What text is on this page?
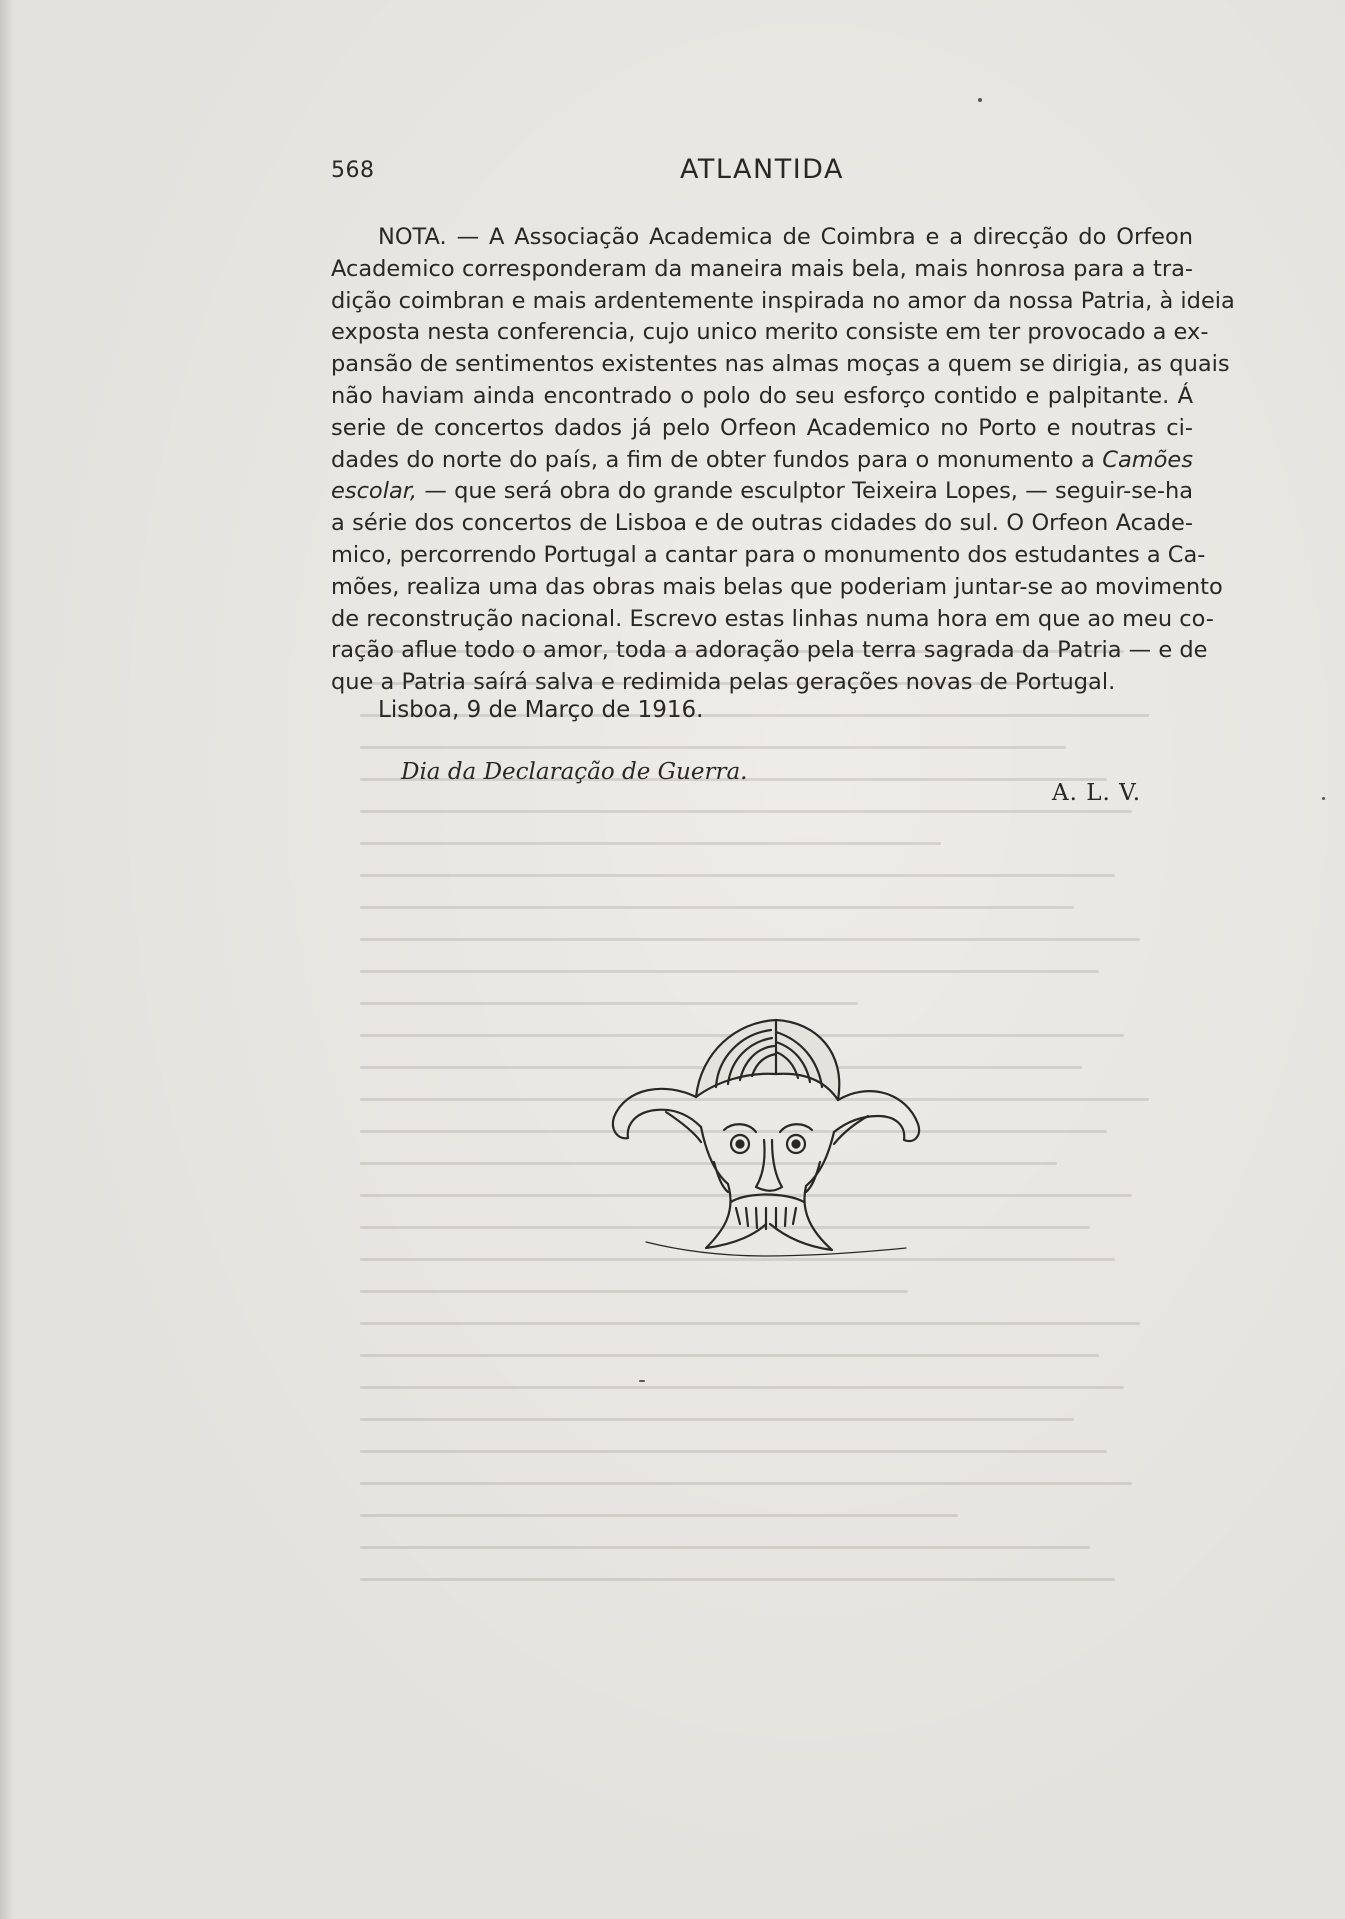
568	ATLANTIDA
NOTA. — A Associação Academica de Coimbra e a direcção do Orfeon
Academico corresponderam da maneira mais bela, mais honrosa para a tra-
dição coimbran e mais ardentemente inspirada no amor da nossa Patria, à ideia
exposta nesta conferencia, cujo unico merito consiste em ter provocado a ex-
pansão de sentimentos existentes nas almas moças a quem se dirigia, as quais
não haviam ainda encontrado o polo do seu esforço contido e palpitante. Á
serie de concertos dados já pelo Orfeon Academico no Porto e noutras ci-
dades do norte do país, a fim de obter fundos para o monumento a Camões
escolar, — que será obra do grande esculptor Teixeira Lopes, — seguir-se-ha
a série dos concertos de Lisboa e de outras cidades do sul. O Orfeon Acade-
mico, percorrendo Portugal a cantar para o monumento dos estudantes a Ca-
mões, realiza uma das obras mais belas que poderiam juntar-se ao movimento
de reconstrução nacional. Escrevo estas linhas numa hora em que ao meu co-
ração aflue todo o amor, toda a adoração pela terra sagrada da Patria — e de
que a Patria saírá salva e redimida pelas gerações novas de Portugal.
Lisboa, 9 de Março de 1916.
Dia da Declaração de Guerra.
A. L. V.
